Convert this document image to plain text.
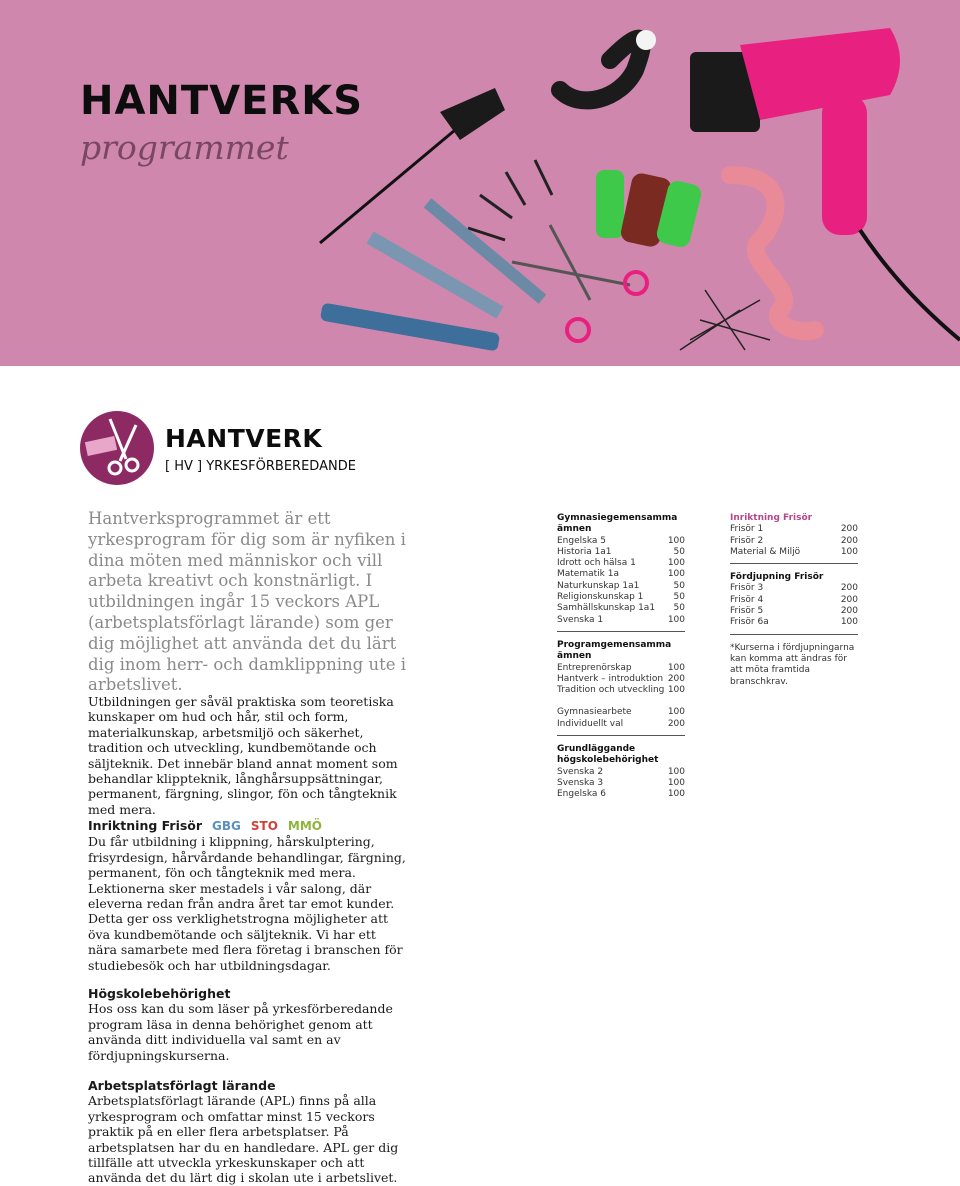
HANTVERKS
programmet
HANTVERK
[ HV ] YRKESFÖRBEREDANDE

Hantverksprogrammet är ett yrkesprogram för dig som är nyfiken i dina möten med människor och vill arbeta kreativt och konstnärligt. I utbildningen ingår 15 veckors APL (arbetsplatsförlagt lärande) som ger dig möjlighet att använda det du lärt dig inom herr- och damklippning ute i arbetslivet.

Utbildningen ger såväl praktiska som teoretiska kunskaper om hud och hår, stil och form, materialkunskap, arbetsmiljö och säkerhet, tradition och utveckling, kundbemötande och säljteknik. Det innebär bland annat moment som behandlar klippteknik, långhårsuppsättningar, permanent, färgning, slingor, fön och tångteknik med mera.

Inriktning Frisör GBG STO MMÖ
Du får utbildning i klippning, hårskulptering, frisyrdesign, hårvårdande behandlingar, färgning, permanent, fön och tångteknik med mera. Lektionerna sker mestadels i vår salong, där eleverna redan från andra året tar emot kunder. Detta ger oss verklighetstrogna möjligheter att öva kundbemötande och säljteknik. Vi har ett nära samarbete med flera företag i branschen för studiebesök och har utbildningsdagar.
Högskolebehörighet
Hos oss kan du som läser på yrkesförberedande program läsa in denna behörighet genom att använda ditt individuella val samt en av fördjupningskurserna.
Arbetsplatsförlagt lärande
Arbetsplatsförlagt lärande (APL) finns på alla yrkesprogram och omfattar minst 15 veckors praktik på en eller flera arbetsplatser. På arbetsplatsen har du en handledare. APL ger dig tillfälle att utveckla yrkeskunskaper och att använda det du lärt dig i skolan ute i arbetslivet.
Gymnasiegemensamma ämnen
Engelska 5	100
Historia 1a1	50
Idrott och hälsa 1	100
Matematik 1a	100
Naturkunskap 1a1	50
Religionskunskap 1	50
Samhällskunskap 1a1 50
Svenska 1	100
Programgemensamma ämnen
Entreprenörskap	100
Hantverk – introduktion 200
Tradition och utveckling 100
Gymnasiearbete	100
Individuellt val	200
Grundläggande högskolebehörighet
Svenska 2	100
Svenska 3	100
Engelska 6	100
Inriktning Frisör
Frisör 1	200
Frisör 2	200
Material & Miljö	100
Fördjupning Frisör
Frisör 3	200
Frisör 4	200
Frisör 5	200
Frisör 6a	100
*Kurserna i fördjupningarna kan komma att ändras för att möta framtida branschkrav.
